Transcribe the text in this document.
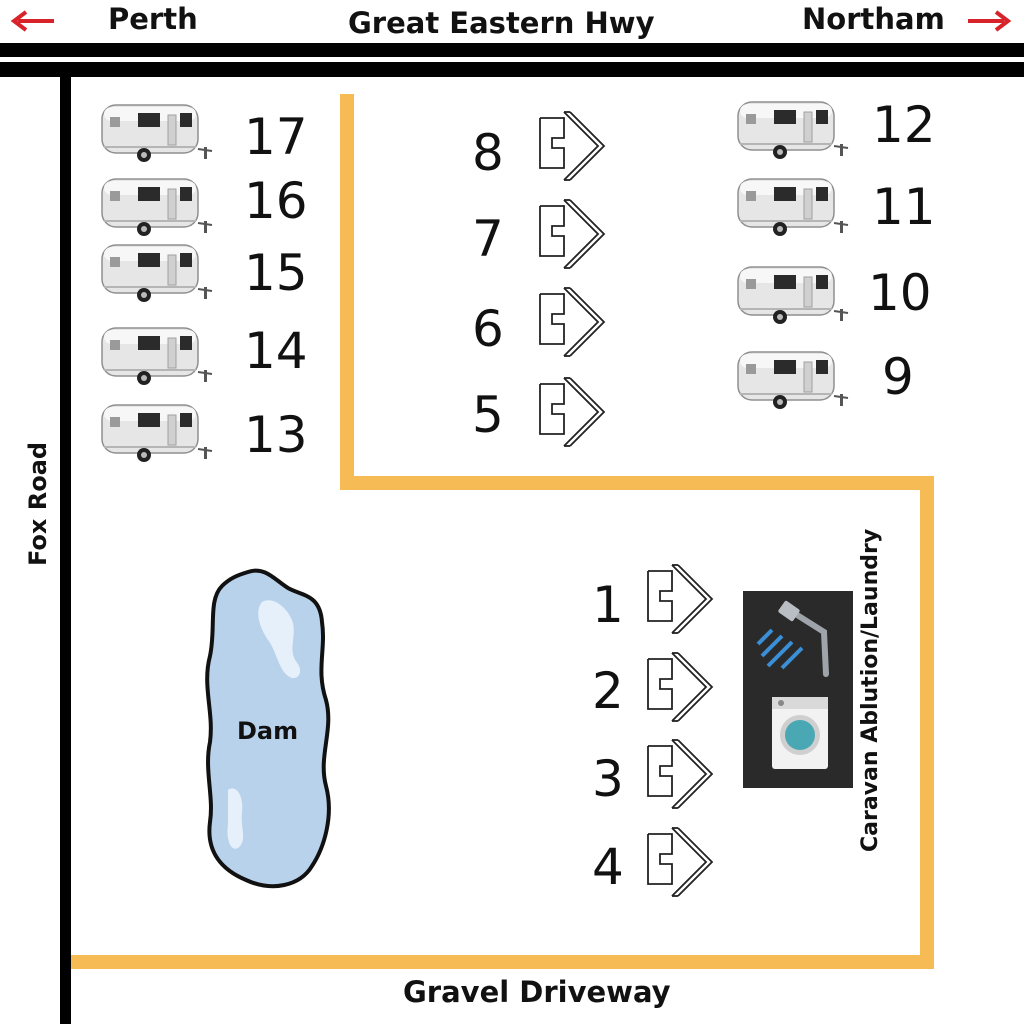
Perth	Great Eastern Hwy	Northam
Fox Road
Gravel Driveway
Dam	Caravan Ablution/Laundry
17
16
15
14
13
12
11
10
9
8
7
6
5
1
2
3
4
